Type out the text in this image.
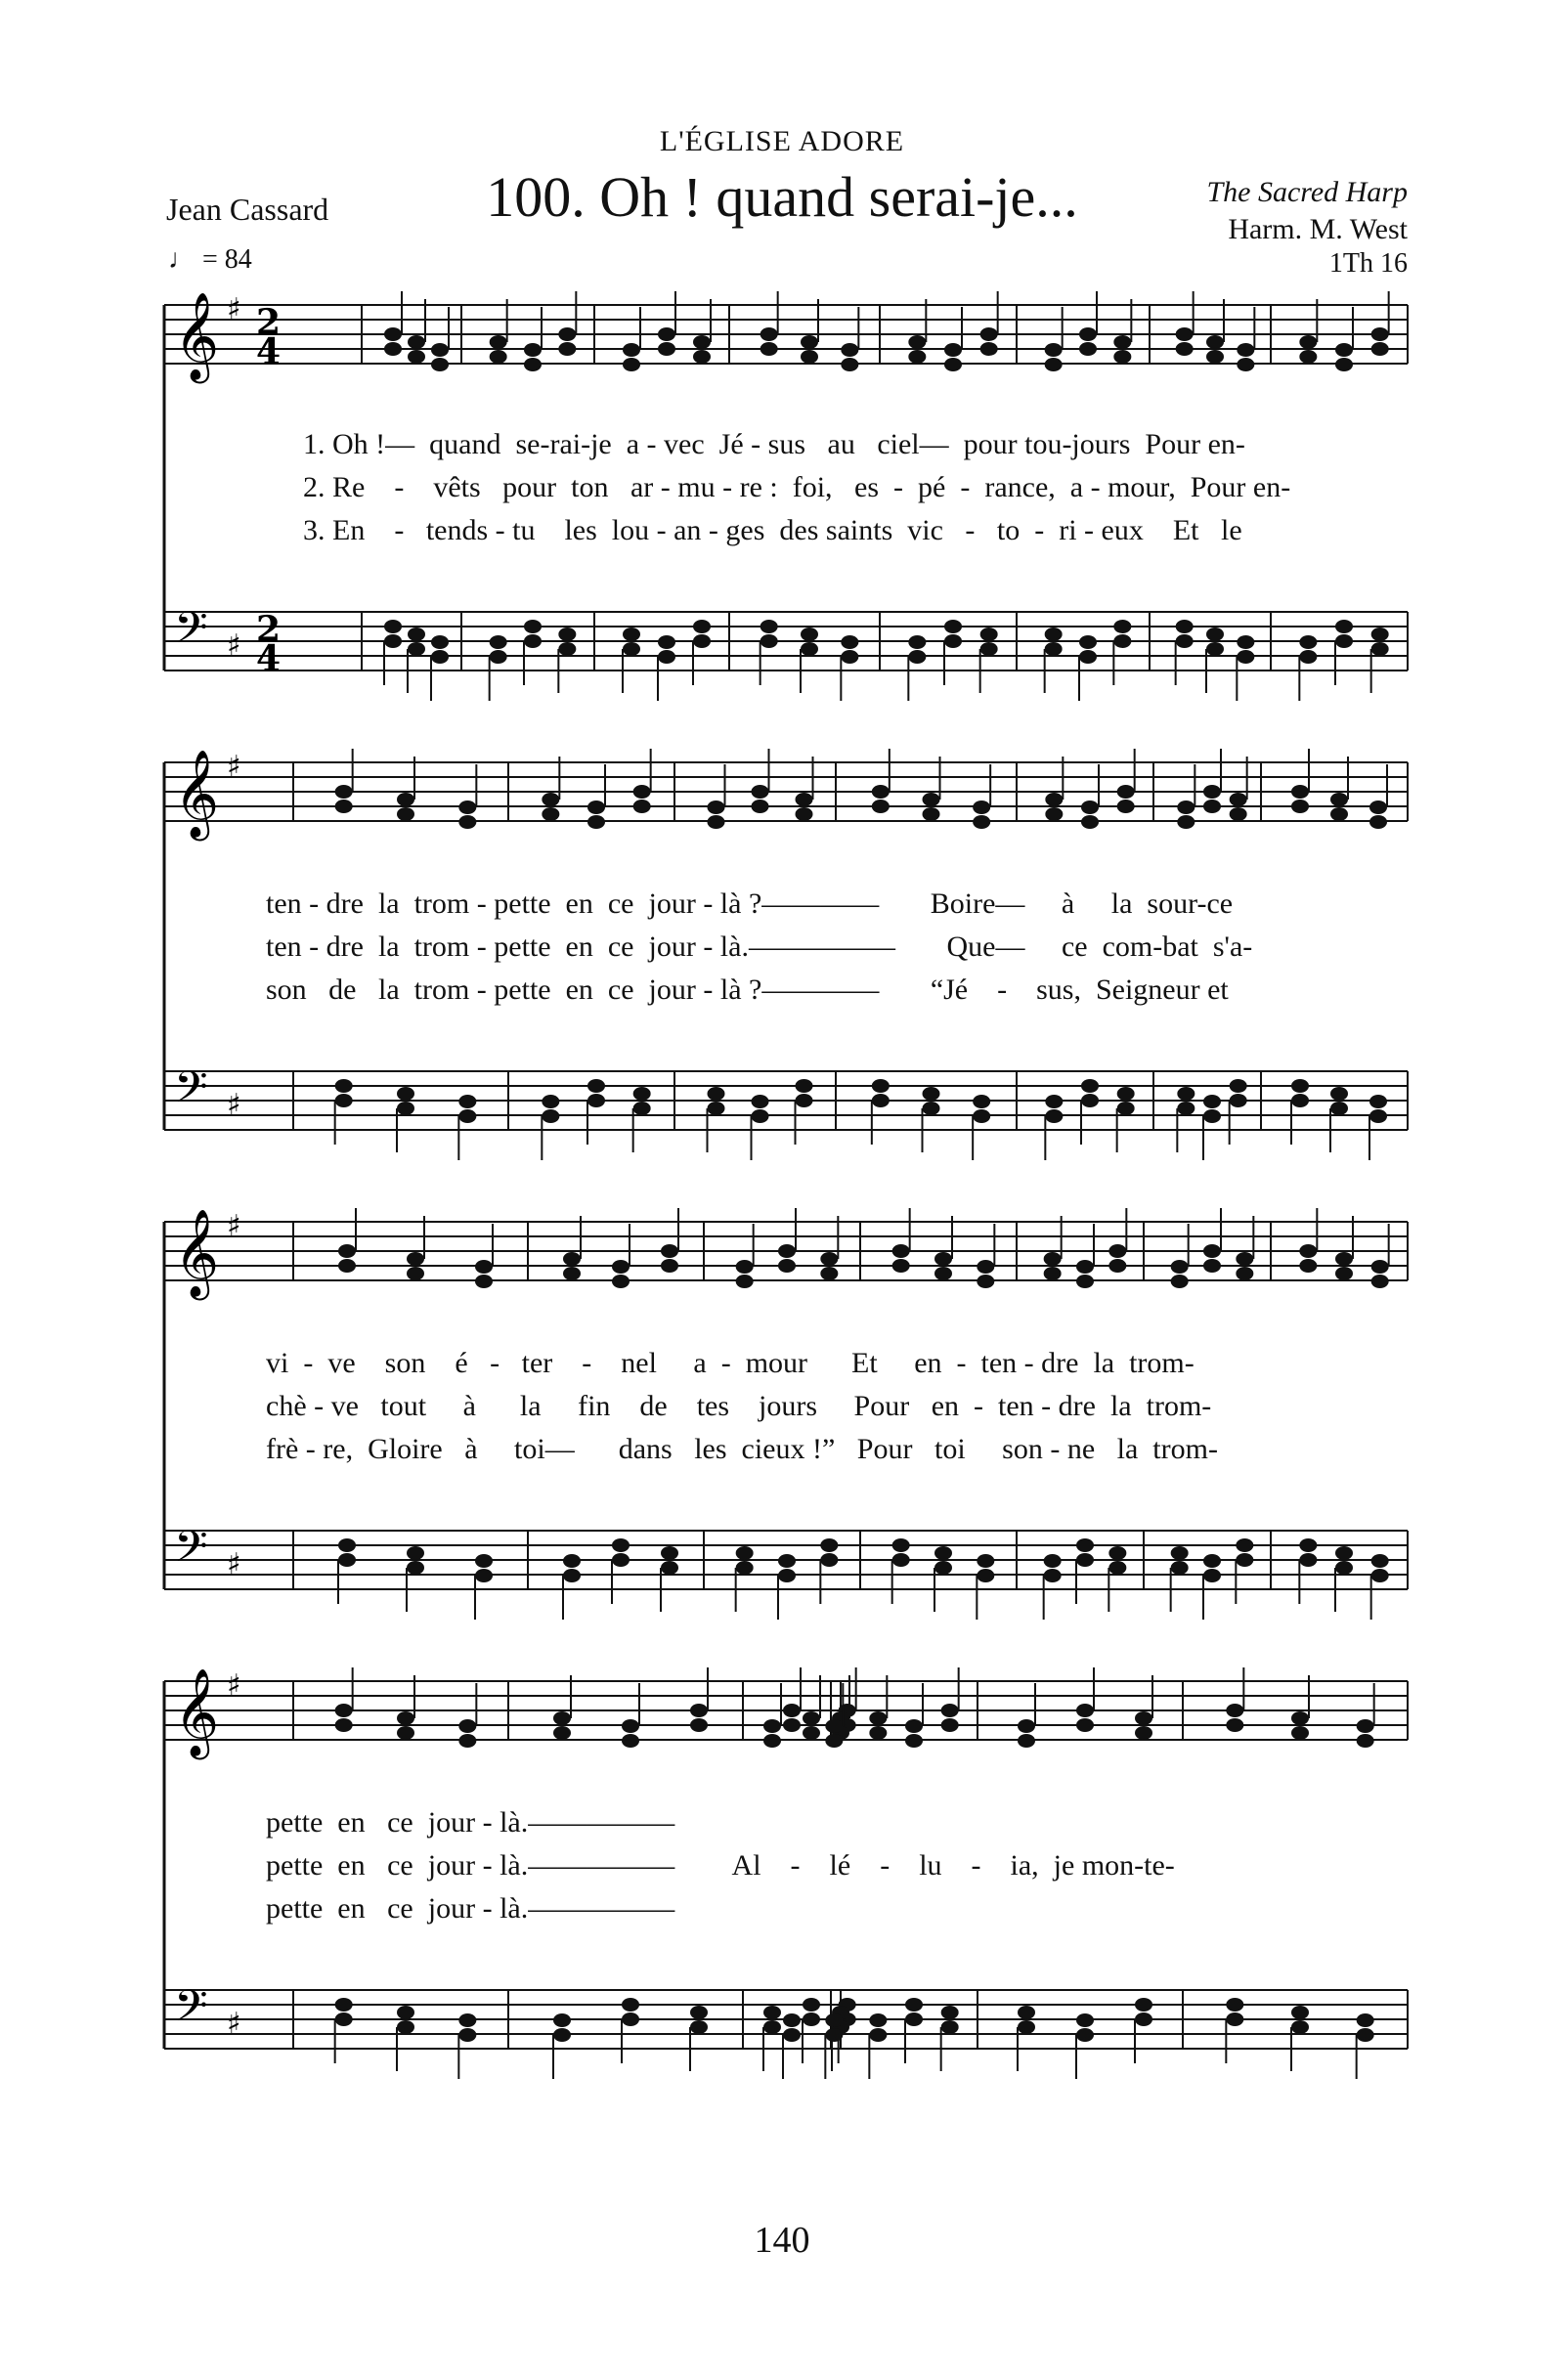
𝄞 ♯ 2
4
𝄢 ♯ 2
4
𝄞 ♯
𝄢 ♯
𝄞 ♯
𝄢 ♯
𝄞 ♯
𝄢 ♯
L'ÉGLISE ADORE
100. Oh ! quand serai-je...
Jean Cassard	The Sacred Harp
Harm. M. West
1Th 16
♩ = 84
1. Oh !—  quand  se-rai-je  a - vec  Jé - sus   au   ciel—  pour tou-jours  Pour en-
2. Re    -    vêts   pour  ton   ar - mu - re :  foi,   es  -  pé  -  rance,  a - mour,  Pour en-
3. En    -   tends - tu    les  lou - an - ges  des saints  vic   -   to  -  ri - eux    Et   le
ten - dre  la  trom - pette  en  ce  jour - là ?————       Boire—     à     la  sour-ce
ten - dre  la  trom - pette  en  ce  jour - là.—————       Que—     ce  com-bat  s'a-
son   de   la  trom - pette  en  ce  jour - là ?————       “Jé    -    sus,  Seigneur et
vi  -  ve    son    é   -   ter    -    nel     a  -  mour      Et     en  -  ten - dre  la  trom-
chè - ve   tout     à      la     fin    de    tes    jours     Pour   en  -  ten - dre  la  trom-
frè - re,  Gloire   à     toi—      dans   les  cieux !”   Pour   toi     son - ne   la  trom-
pette  en   ce  jour - là.—————
pette  en   ce  jour - là.—————        Al    -    lé    -    lu    -    ia,  je mon-te-
pette  en   ce  jour - là.—————
140
